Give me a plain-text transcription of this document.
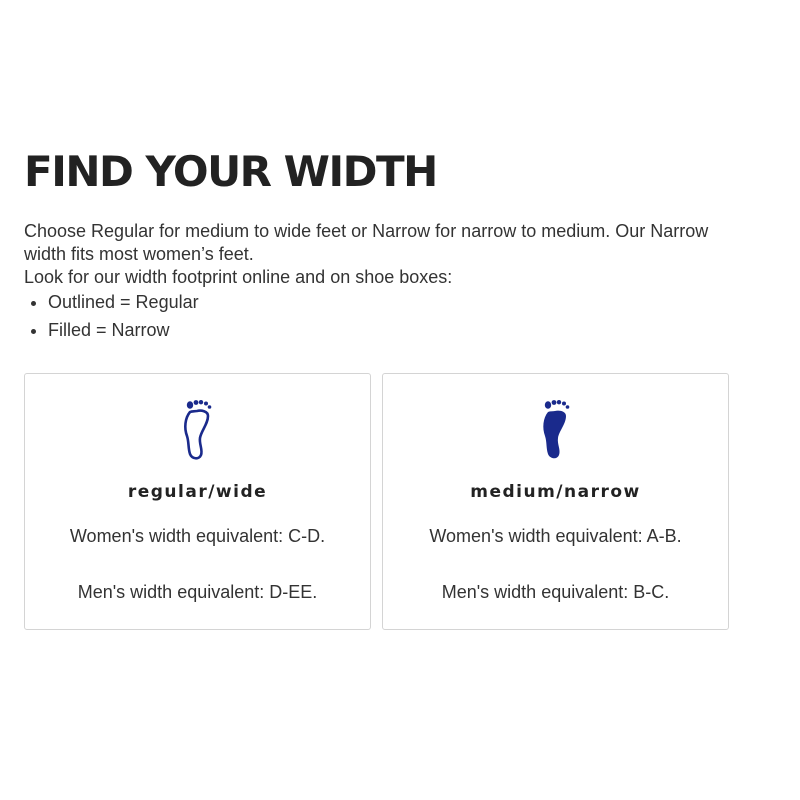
FIND YOUR WIDTH

Choose Regular for medium to wide feet or Narrow for narrow to medium. Our Narrow width fits most women’s feet.

Look for our width footprint online and on shoe boxes:

• Outlined = Regular
• Filled = Narrow
regular/wide
Women's width equivalent: C-D.
Men's width equivalent: D-EE.
medium/narrow
Women's width equivalent: A-B.
Men's width equivalent: B-C.
